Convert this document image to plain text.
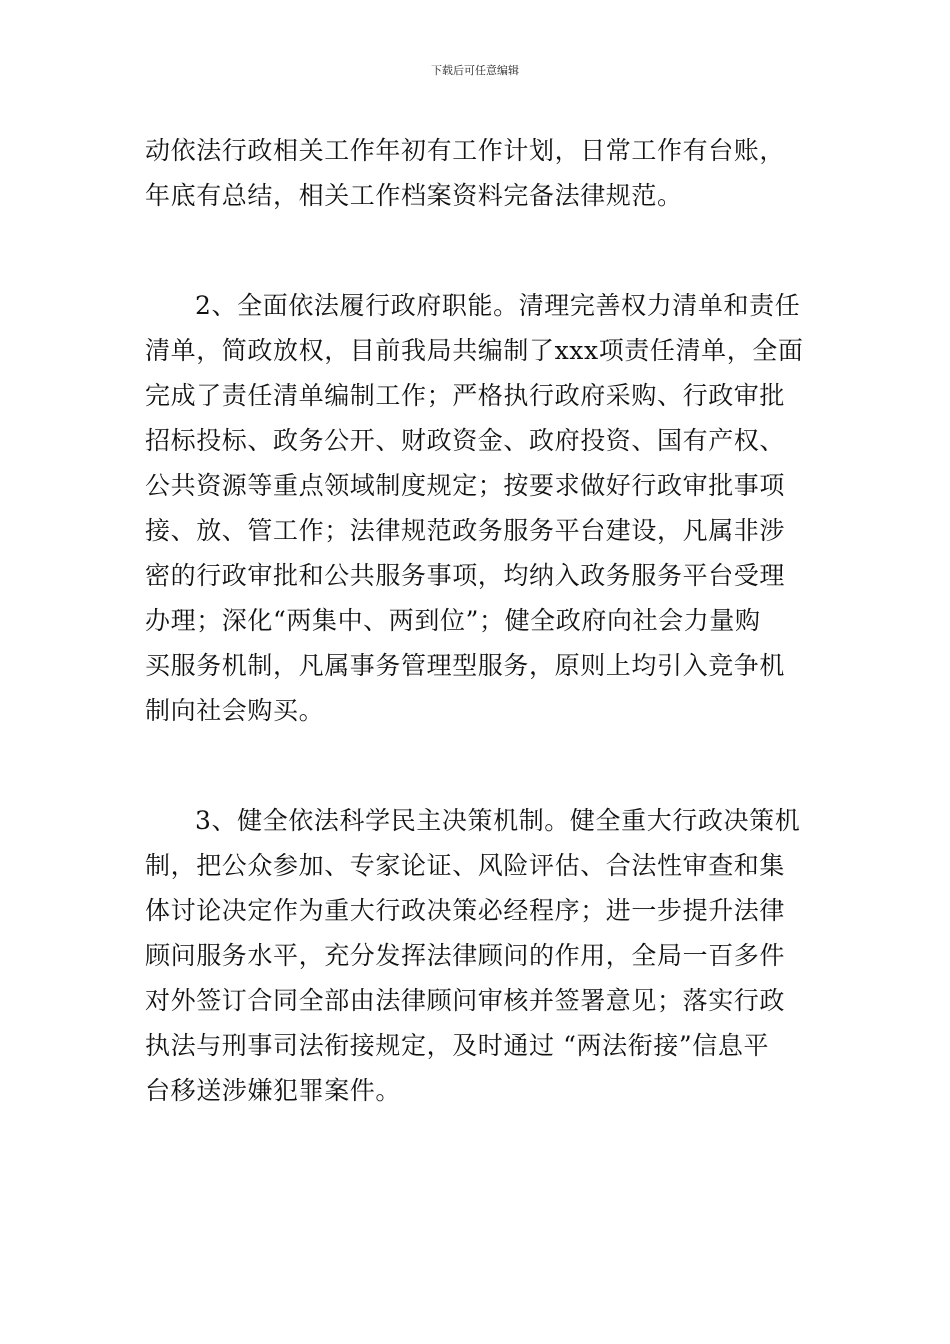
下载后可任意编辑
动依法行政相关工作年初有工作计划，日常工作有台账，
年底有总结，相关工作档案资料完备法律规范。
2、全面依法履行政府职能。清理完善权力清单和责任
清单，简政放权，目前我局共编制了xxx项责任清单，全面
完成了责任清单编制工作；严格执行政府采购、行政审批
招标投标、政务公开、财政资金、政府投资、国有产权、
公共资源等重点领域制度规定；按要求做好行政审批事项
接、放、管工作；法律规范政务服务平台建设，凡属非涉
密的行政审批和公共服务事项，均纳入政务服务平台受理
办理；深化“两集中、两到位”；健全政府向社会力量购
买服务机制，凡属事务管理型服务，原则上均引入竞争机
制向社会购买。
3、健全依法科学民主决策机制。健全重大行政决策机
制，把公众参加、专家论证、风险评估、合法性审查和集
体讨论决定作为重大行政决策必经程序；进一步提升法律
顾问服务水平，充分发挥法律顾问的作用，全局一百多件
对外签订合同全部由法律顾问审核并签署意见；落实行政
执法与刑事司法衔接规定，及时通过 “两法衔接”信息平
台移送涉嫌犯罪案件。
